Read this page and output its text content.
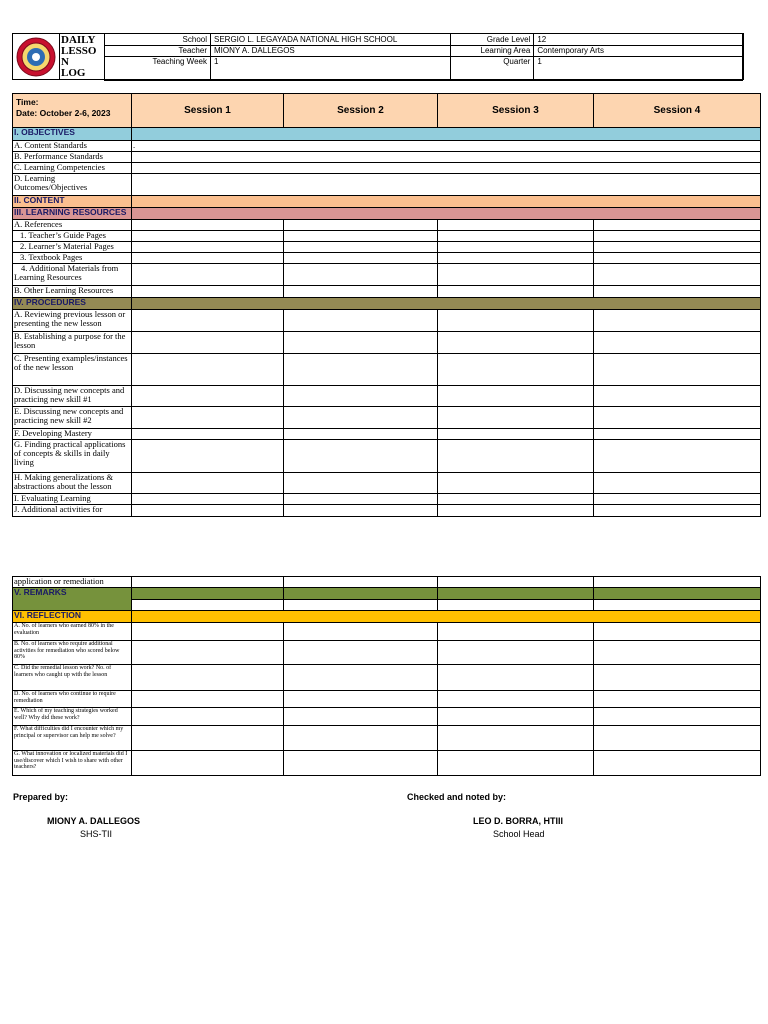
DAILY
LESSO
N
LOG
School	SERGIO L. LEGAYADA NATIONAL HIGH SCHOOL
Teacher	MIONY A. DALLEGOS
Teaching Week	1
Grade Level	12
Learning Area	Contemporary Arts
Quarter	1
Time:
Date: October 2-6, 2023	Session 1	Session 2	Session 3	Session 4
I. OBJECTIVES				
A. Content Standards	.			
B. Performance Standards				
C. Learning Competencies				
D. Learning Outcomes/Objectives				
II. CONTENT				
III. LEARNING RESOURCES				
A. References				
1. Teacher’s Guide Pages				
2. Learner’s Material Pages				
3. Textbook Pages				
4. Additional Materials from Learning Resources				
B. Other Learning Resources				
IV. PROCEDURES				
A. Reviewing previous lesson or presenting the new lesson				
B. Establishing a purpose for the lesson				
C. Presenting examples/instances of the new lesson				
D. Discussing new concepts and practicing new skill #1				
E. Discussing new concepts and practicing new skill #2				
F. Developing Mastery				
G. Finding practical applications of concepts & skills in daily living				
H. Making generalizations & abstractions about the lesson				
I. Evaluating Learning				
J. Additional activities for				
application or remediation				
V. REMARKS				

VI. REFLECTION				
A. No. of learners who earned 80% in the evaluation				
B. No. of learners who require additional activities for remediation who scored below 80%				
C. Did the remedial lesson work? No. of learners who caught up with the lesson				
D. No. of learners who continue to require remediation				
E. Which of my teaching strategies worked well? Why did these work?				
F. What difficulties did I encounter which my principal or supervisor can help me solve?				
G. What innovation or localized materials did I use/discover which I wish to share with other teachers?				
Prepared by:
MIONY A. DALLEGOS
SHS-TII
Checked and noted by:
LEO D. BORRA, HTIII
School Head
